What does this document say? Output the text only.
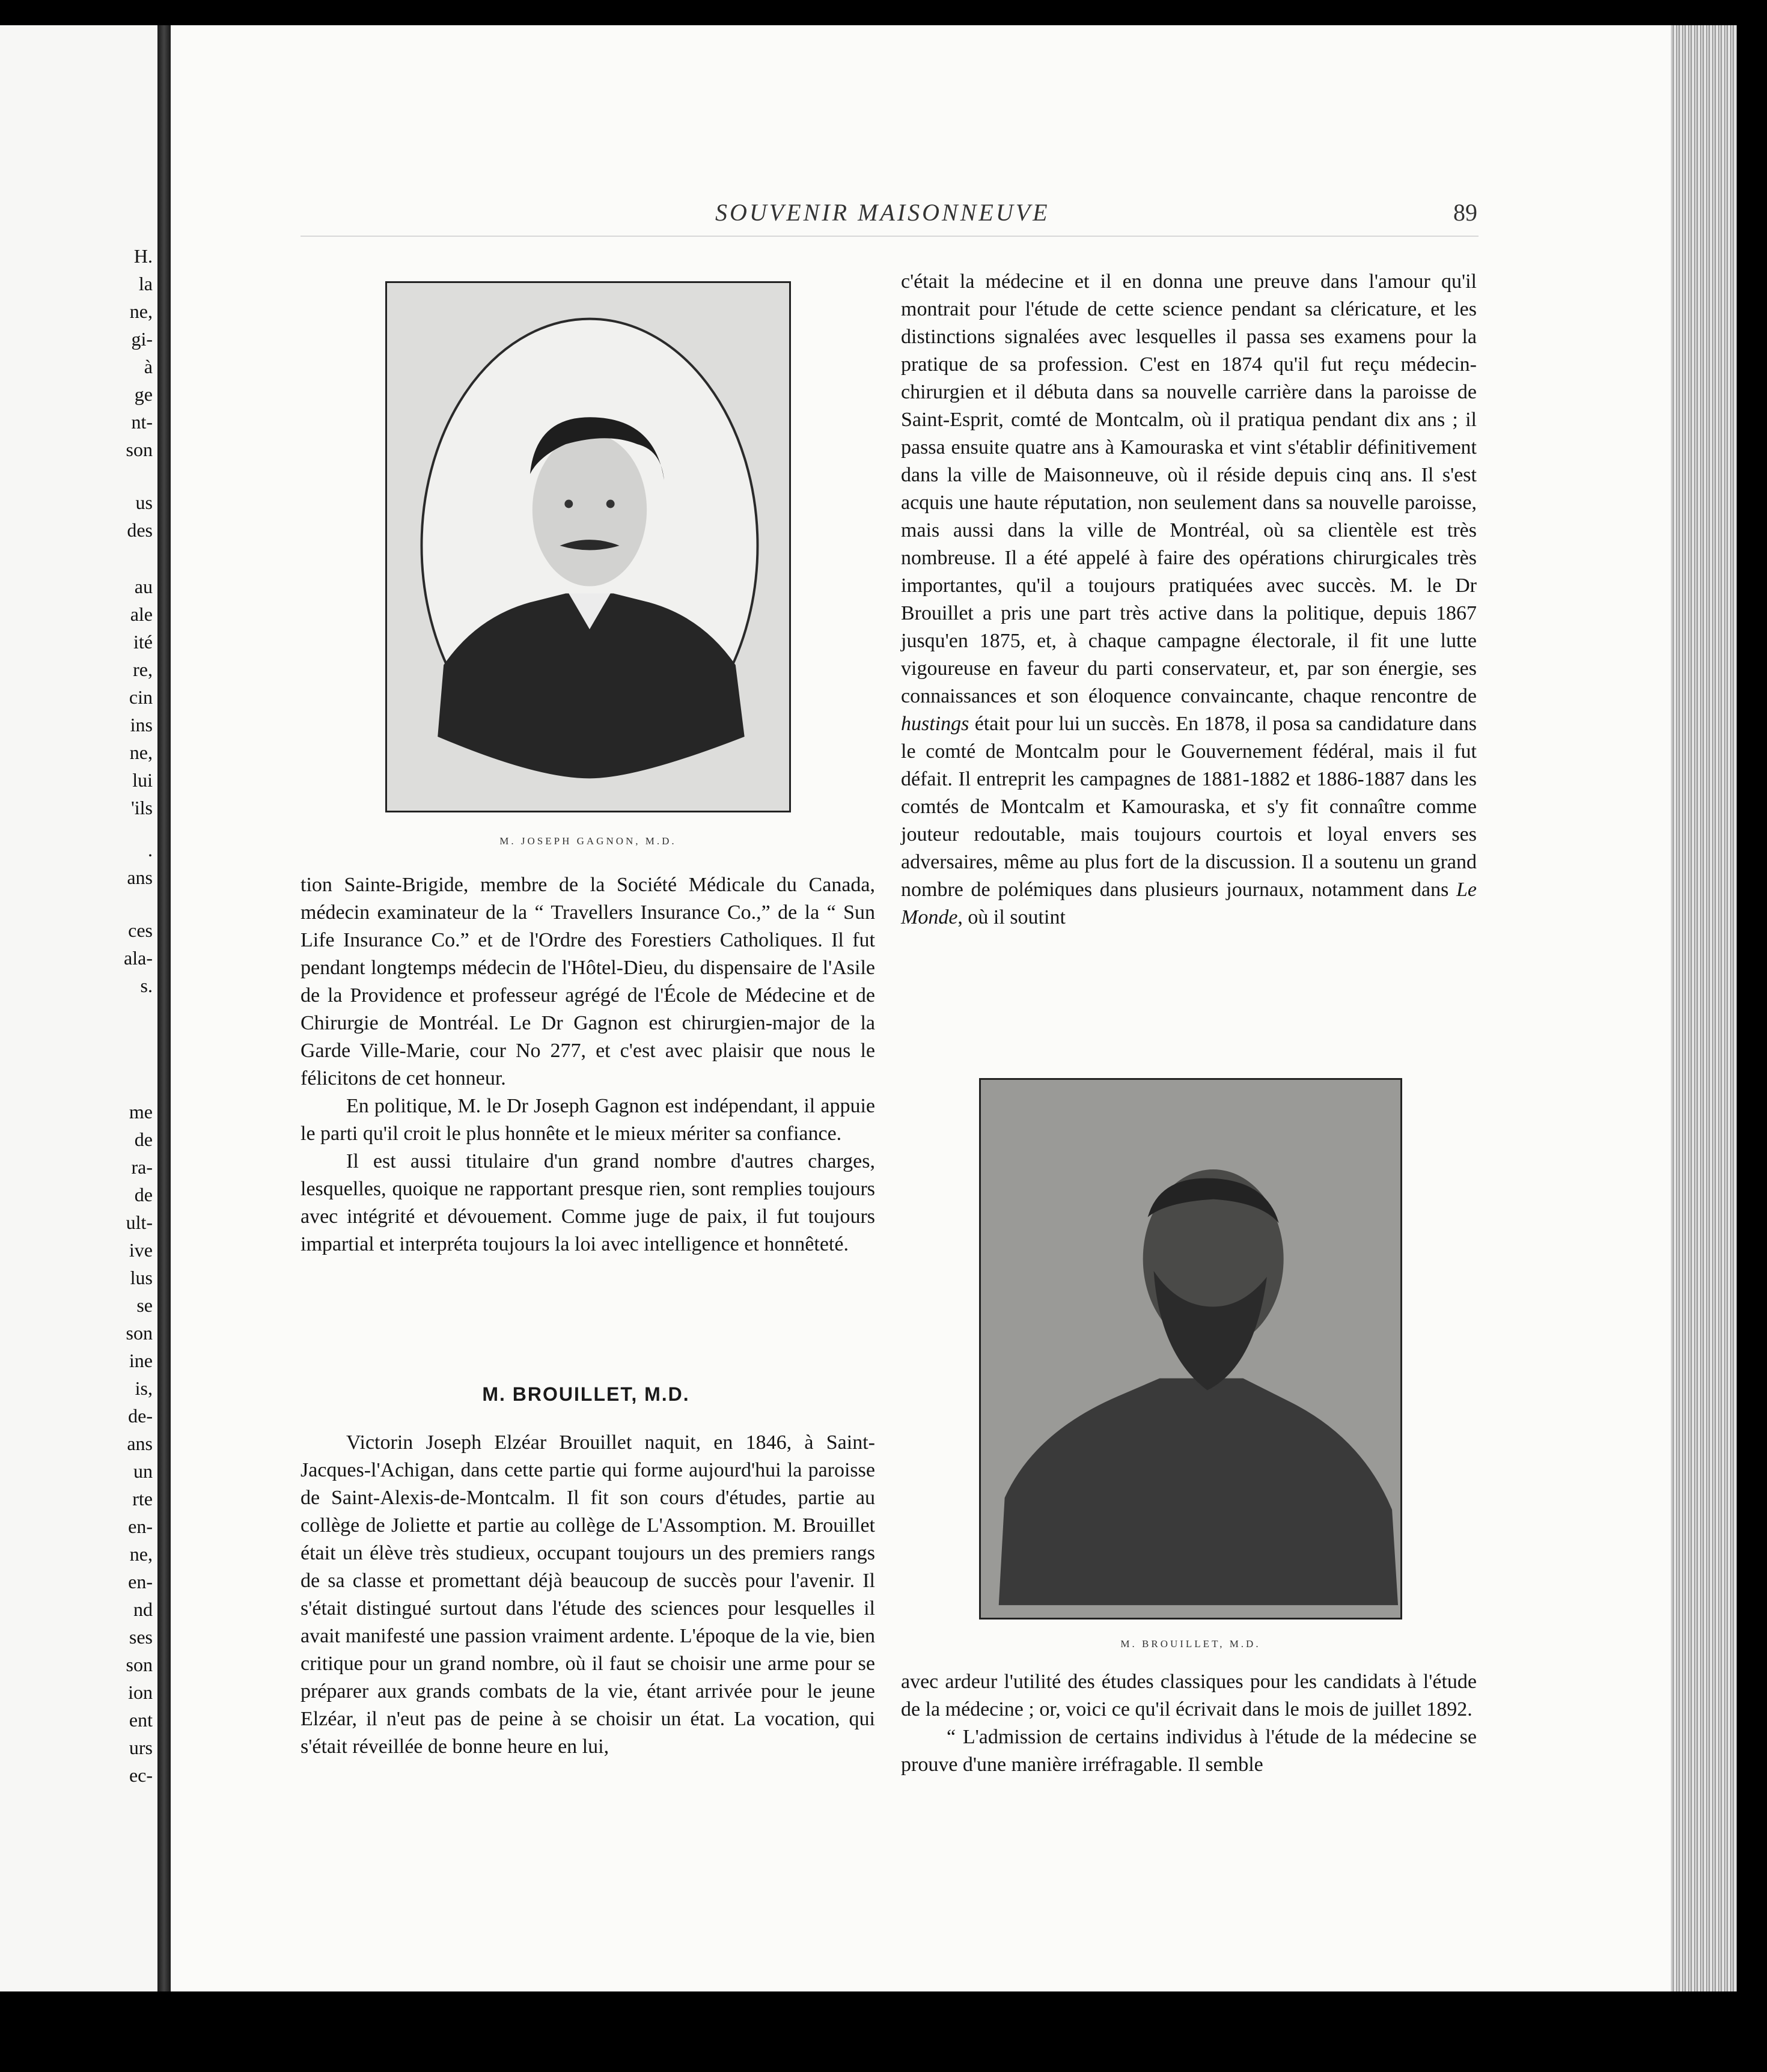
H.
la
ne,
gi-
à
ge
nt-
son
us
des
au
ale
ité
re,
cin
ins
ne,
lui
'ils
.
ans
ces
ala-
s.
me
de
ra-
de
ult-
ive
lus
se
son
ine
is,
de-
ans
un
rte
en-
ne,
en-
nd
ses
son
ion
ent
urs
ec-
SOUVENIR MAISONNEUVE	89
M. JOSEPH GAGNON, M.D.

tion Sainte-Brigide, membre de la Société Médicale du Canada, médecin examinateur de la “ Travellers Insurance Co.,” de la “ Sun Life Insurance Co.” et de l'Ordre des Forestiers Catholiques. Il fut pendant longtemps médecin de l'Hôtel-Dieu, du dispensaire de l'Asile de la Providence et professeur agrégé de l'École de Médecine et de Chirurgie de Montréal. Le Dr Gagnon est chirurgien-major de la Garde Ville-Marie, cour No 277, et c'est avec plaisir que nous le félicitons de cet honneur.

En politique, M. le Dr Joseph Gagnon est indépendant, il appuie le parti qu'il croit le plus honnête et le mieux mériter sa confiance.

Il est aussi titulaire d'un grand nombre d'autres charges, lesquelles, quoique ne rapportant presque rien, sont remplies toujours avec intégrité et dévouement. Comme juge de paix, il fut toujours impartial et interpréta toujours la loi avec intelligence et honnêteté.

M. BROUILLET, M.D.

Victorin Joseph Elzéar Brouillet naquit, en 1846, à Saint-Jacques-l'Achigan, dans cette partie qui forme aujourd'hui la paroisse de Saint-Alexis-de-Montcalm. Il fit son cours d'études, partie au collège de Joliette et partie au collège de L'Assomption. M. Brouillet était un élève très studieux, occupant toujours un des premiers rangs de sa classe et promettant déjà beaucoup de succès pour l'avenir. Il s'était distingué surtout dans l'étude des sciences pour lesquelles il avait manifesté une passion vraiment ardente. L'époque de la vie, bien critique pour un grand nombre, où il faut se choisir une arme pour se préparer aux grands combats de la vie, étant arrivée pour le jeune Elzéar, il n'eut pas de peine à se choisir un état. La vocation, qui s'était réveillée de bonne heure en lui,

c'était la médecine et il en donna une preuve dans l'amour qu'il montrait pour l'étude de cette science pendant sa cléricature, et les distinctions signalées avec lesquelles il passa ses examens pour la pratique de sa profession. C'est en 1874 qu'il fut reçu médecin-chirurgien et il débuta dans sa nouvelle carrière dans la paroisse de Saint-Esprit, comté de Montcalm, où il pratiqua pendant dix ans ; il passa ensuite quatre ans à Kamouraska et vint s'établir définitivement dans la ville de Maisonneuve, où il réside depuis cinq ans. Il s'est acquis une haute réputation, non seulement dans sa nouvelle paroisse, mais aussi dans la ville de Montréal, où sa clientèle est très nombreuse. Il a été appelé à faire des opérations chirurgicales très importantes, qu'il a toujours pratiquées avec succès. M. le Dr Brouillet a pris une part très active dans la politique, depuis 1867 jusqu'en 1875, et, à chaque campagne électorale, il fit une lutte vigoureuse en faveur du parti conservateur, et, par son énergie, ses connaissances et son éloquence convaincante, chaque rencontre de hustings était pour lui un succès. En 1878, il posa sa candidature dans le comté de Montcalm pour le Gouvernement fédéral, mais il fut défait. Il entreprit les campagnes de 1881-1882 et 1886-1887 dans les comtés de Montcalm et Kamouraska, et s'y fit connaître comme jouteur redoutable, mais toujours courtois et loyal envers ses adversaires, même au plus fort de la discussion. Il a soutenu un grand nombre de polémiques dans plusieurs journaux, notamment dans Le Monde, où il soutint

M. BROUILLET, M.D.

avec ardeur l'utilité des études classiques pour les candidats à l'étude de la médecine ; or, voici ce qu'il écrivait dans le mois de juillet 1892.

“ L'admission de certains individus à l'étude de la médecine se prouve d'une manière irréfragable. Il semble
